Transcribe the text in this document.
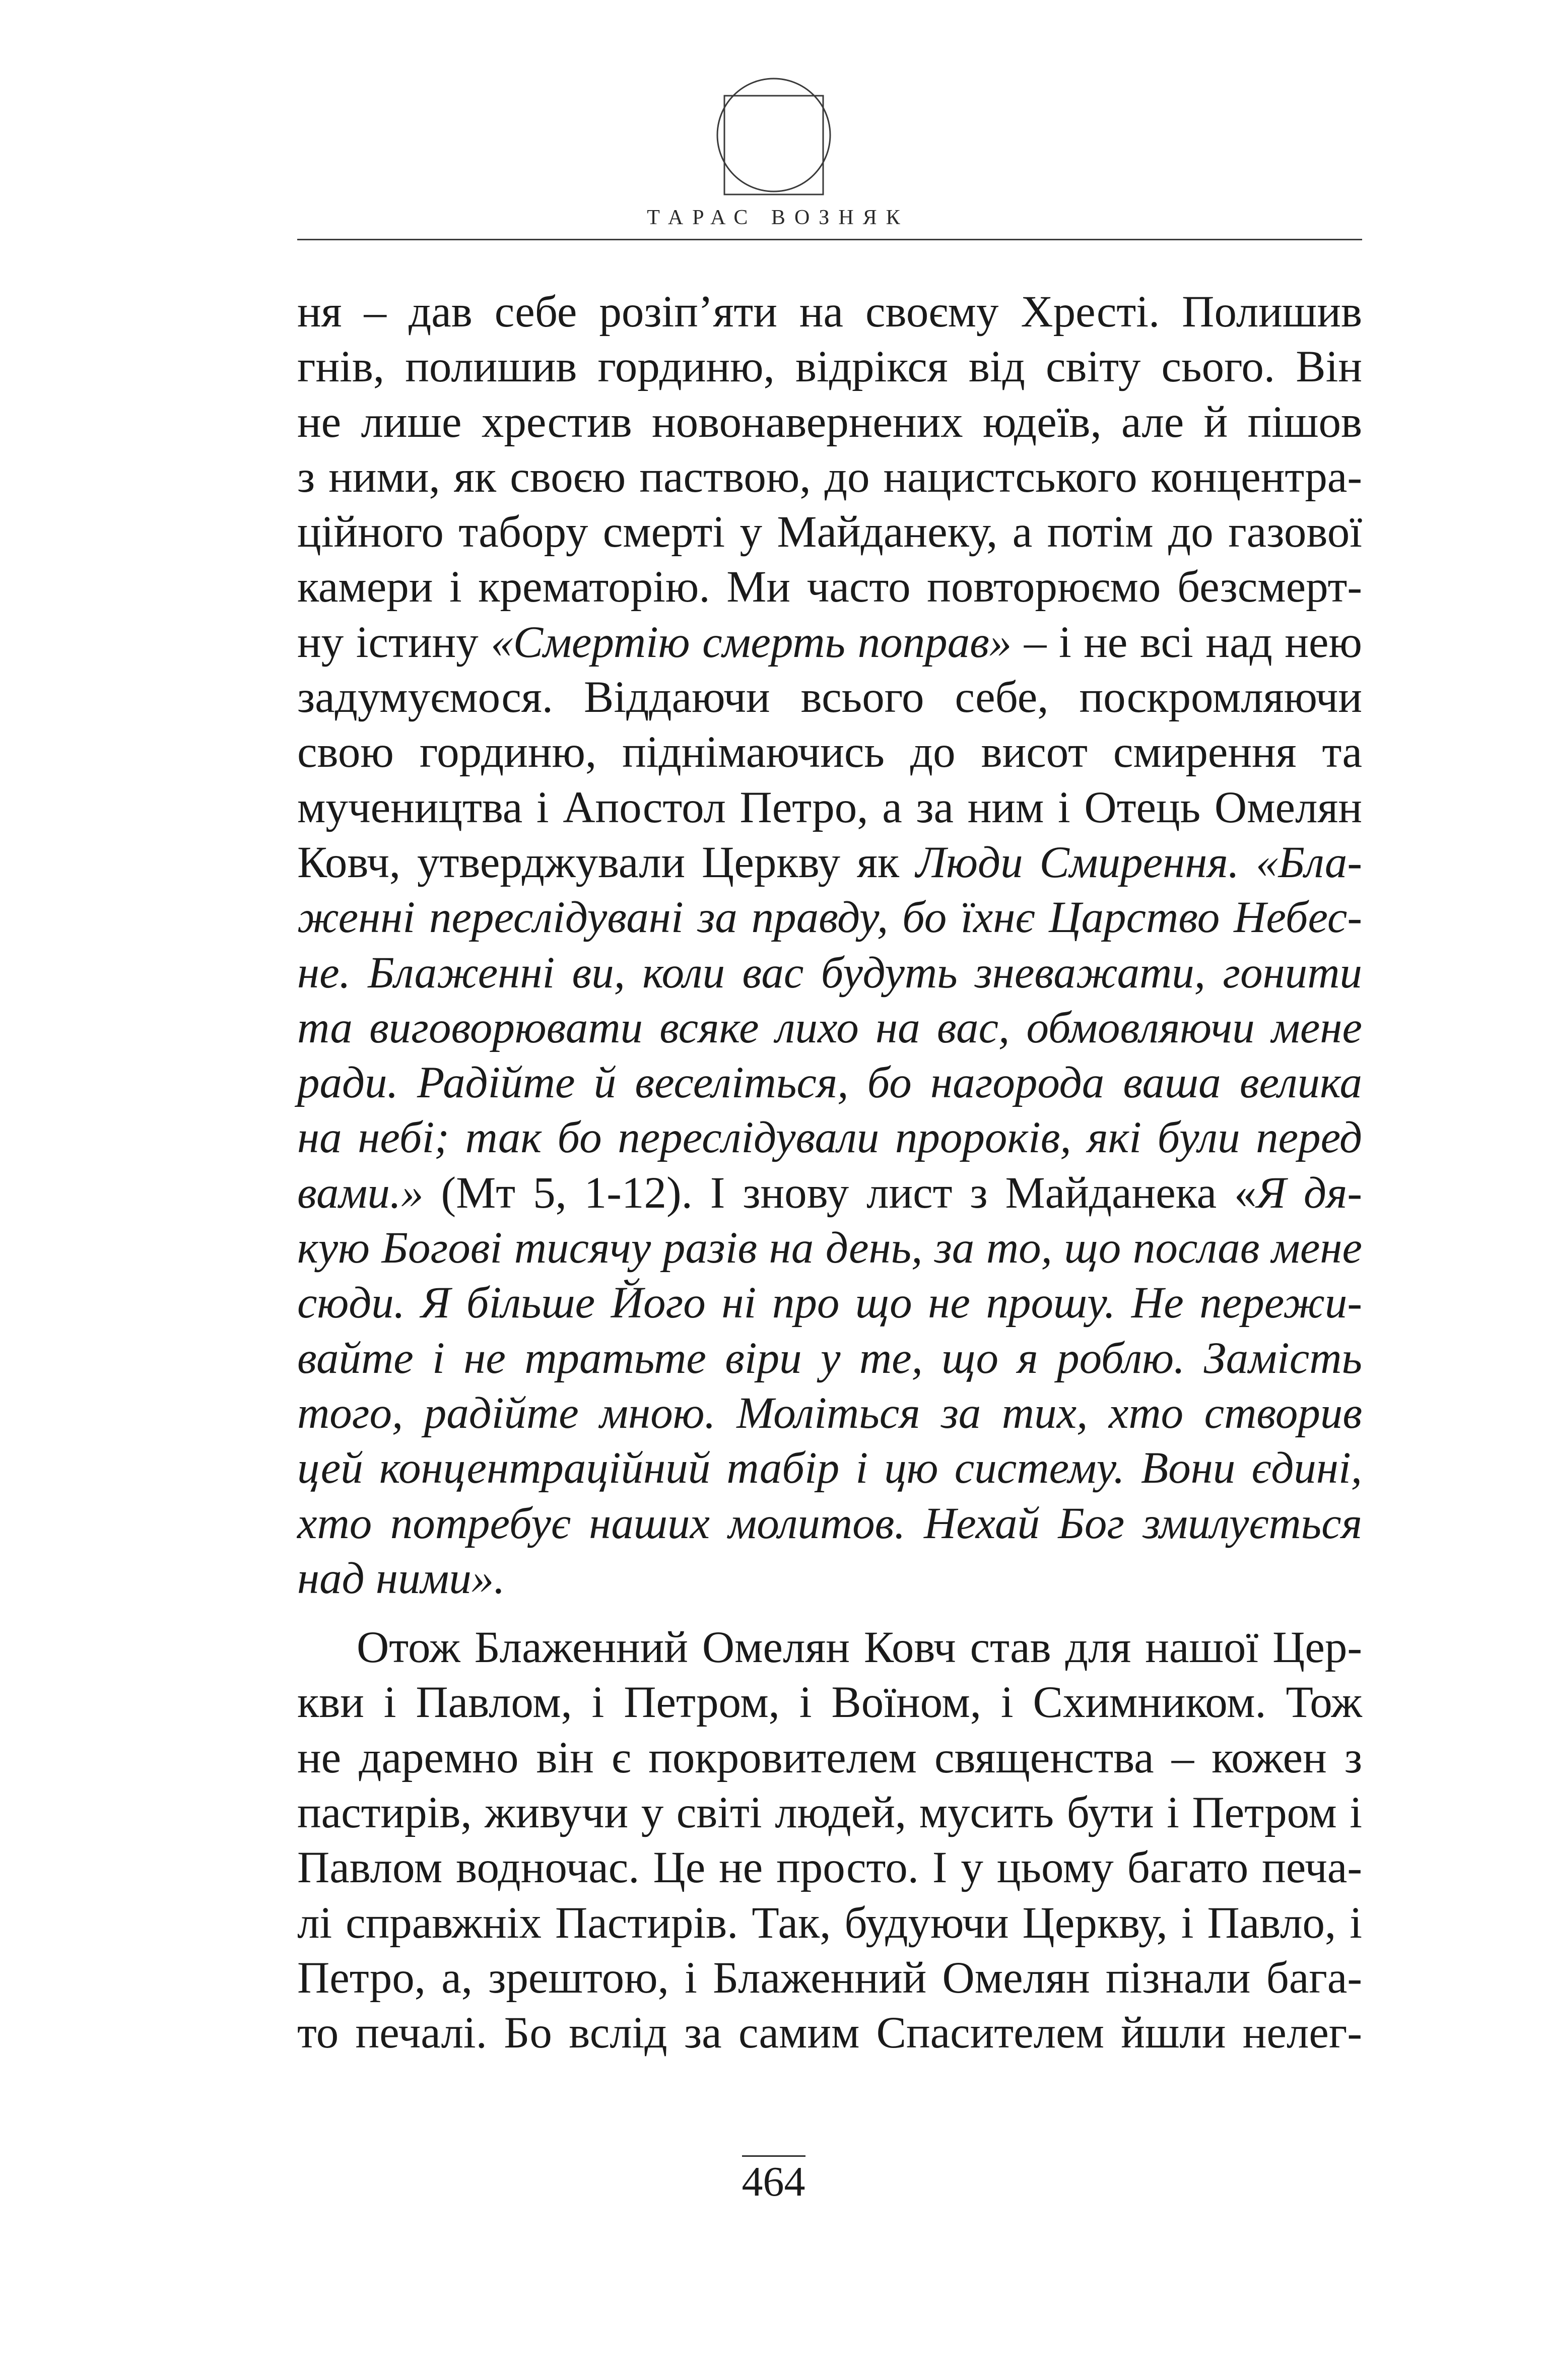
ТАРАС ВОЗНЯК
ня – дав себе розіп’яти на своєму Хресті. Полишив
гнів, полишив гординю, відрікся від світу сього. Він
не лише хрестив новонавернених юдеїв, але й пішов
з ними, як своєю паствою, до нацистського концентра-
ційного табору смерті у Майданеку, а потім до газової
камери і крематорію. Ми часто повторюємо безсмерт-
ну істину «Смертію смерть поправ» – і не всі над нею
задумуємося. Віддаючи всього себе, поскромляючи
свою гординю, піднімаючись до висот смирення та
мучеництва і Апостол Петро, а за ним і Отець Омелян
Ковч, утверджували Церкву як Люди Смирення. «Бла-
женні переслідувані за правду, бо їхнє Царство Небес-
не. Блаженні ви, коли вас будуть зневажати, гонити
та виговорювати всяке лихо на вас, обмовляючи мене
ради. Радійте й веселіться, бо нагорода ваша велика
на небі; так бо переслідували пророків, які були перед
вами.» (Мт 5, 1-12). І знову лист з Майданека «Я дя-
кую Богові тисячу разів на день, за то, що послав мене
сюди. Я більше Його ні про що не прошу. Не пережи-
вайте і не тратьте віри у те, що я роблю. Замість
того, радійте мною. Моліться за тих, хто створив
цей концентраційний табір і цю систему. Вони єдині,
хто потребує наших молитов. Нехай Бог змилується
над ними».
Отож Блаженний Омелян Ковч став для нашої Цер-
кви і Павлом, і Петром, і Воїном, і Схимником. Тож
не даремно він є покровителем священства – кожен з
пастирів, живучи у світі людей, мусить бути і Петром і
Павлом водночас. Це не просто. І у цьому багато печа-
лі справжніх Пастирів. Так, будуючи Церкву, і Павло, і
Петро, а, зрештою, і Блаженний Омелян пізнали бага-
то печалі. Бо вслід за самим Спасителем йшли нелег-
464
